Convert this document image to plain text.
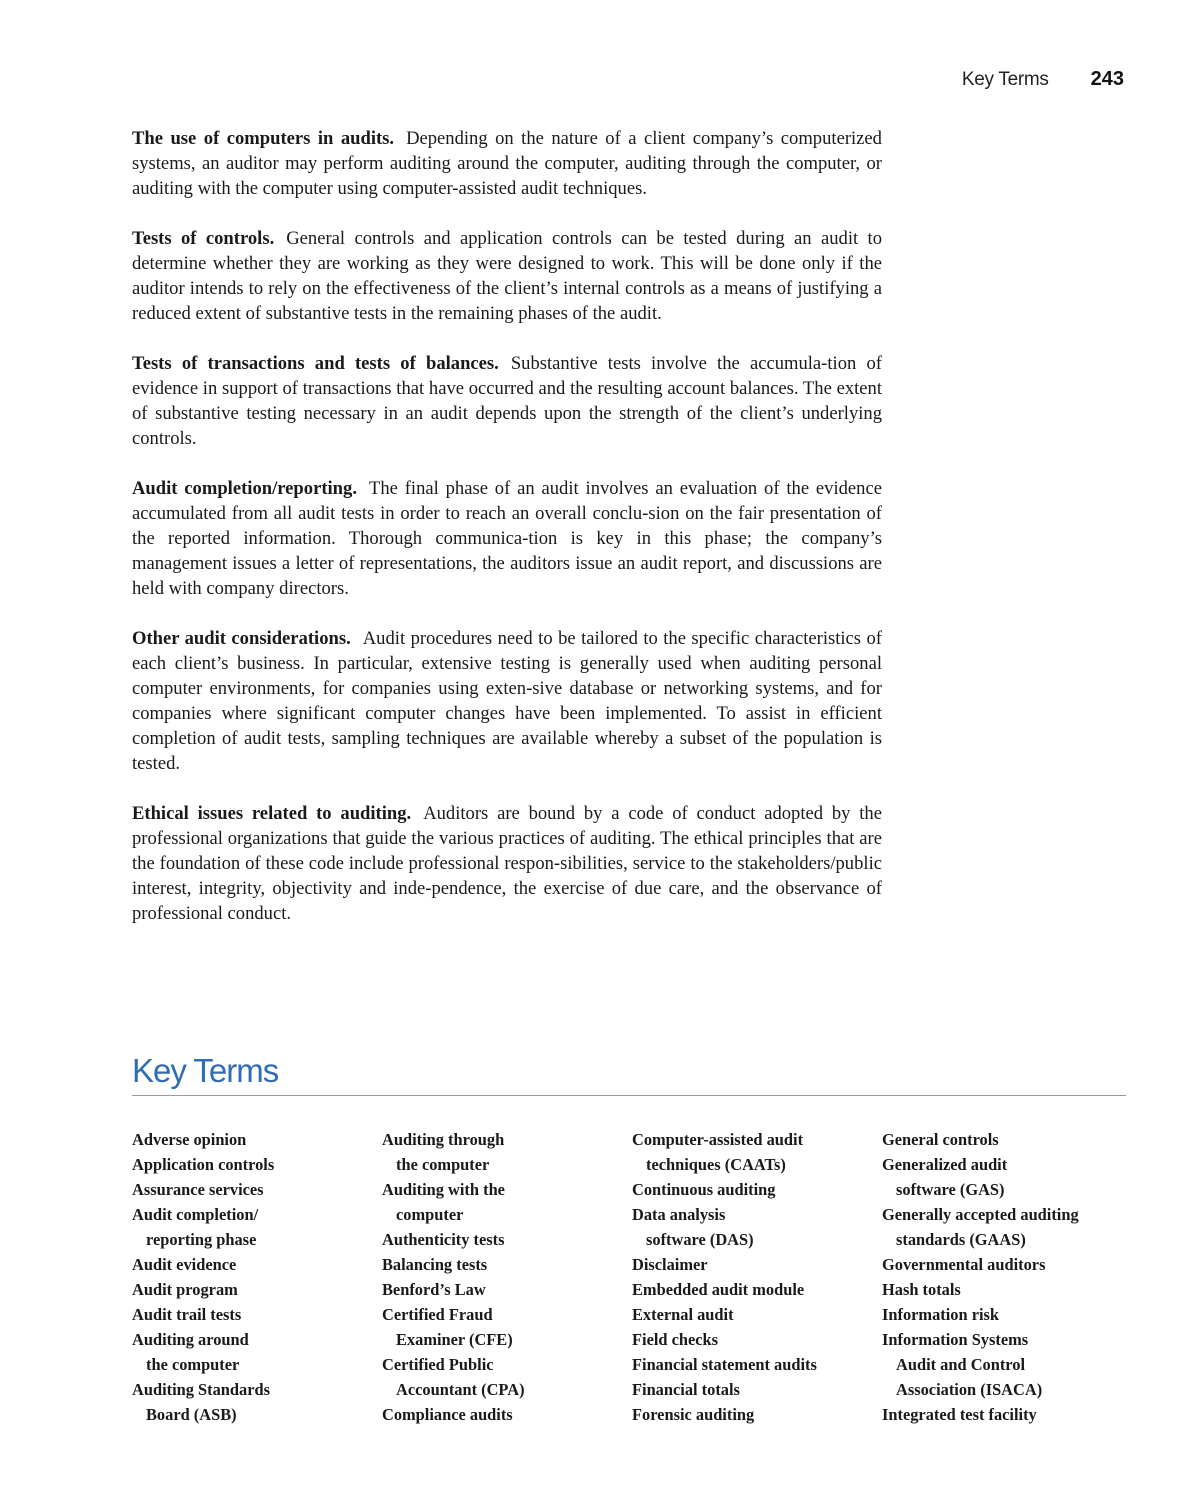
Key Terms 243

The use of computers in audits. Depending on the nature of a client company’s computerized systems, an auditor may perform auditing around the computer, auditing through the computer, or auditing with the computer using computer-assisted audit techniques.

Tests of controls. General controls and application controls can be tested during an audit to determine whether they are working as they were designed to work. This will be done only if the auditor intends to rely on the effectiveness of the client’s internal controls as a means of justifying a reduced extent of substantive tests in the remaining phases of the audit.

Tests of transactions and tests of balances. Substantive tests involve the accumula-tion of evidence in support of transactions that have occurred and the resulting account balances. The extent of substantive testing necessary in an audit depends upon the strength of the client’s underlying controls.

Audit completion/reporting. The final phase of an audit involves an evaluation of the evidence accumulated from all audit tests in order to reach an overall conclu-sion on the fair presentation of the reported information. Thorough communica-tion is key in this phase; the company’s management issues a letter of representations, the auditors issue an audit report, and discussions are held with company directors.

Other audit considerations. Audit procedures need to be tailored to the specific characteristics of each client’s business. In particular, extensive testing is generally used when auditing personal computer environments, for companies using exten-sive database or networking systems, and for companies where significant computer changes have been implemented. To assist in efficient completion of audit tests, sampling techniques are available whereby a subset of the population is tested.

Ethical issues related to auditing. Auditors are bound by a code of conduct adopted by the professional organizations that guide the various practices of auditing. The ethical principles that are the foundation of these code include professional respon-sibilities, service to the stakeholders/public interest, integrity, objectivity and inde-pendence, the exercise of due care, and the observance of professional conduct.

Key Terms
Adverse opinion
Application controls
Assurance services
Audit completion/
reporting phase
Audit evidence
Audit program
Audit trail tests
Auditing around
the computer
Auditing Standards
Board (ASB)
Auditing through
the computer
Auditing with the
computer
Authenticity tests
Balancing tests
Benford’s Law
Certified Fraud
Examiner (CFE)
Certified Public
Accountant (CPA)
Compliance audits
Computer-assisted audit
techniques (CAATs)
Continuous auditing
Data analysis
software (DAS)
Disclaimer
Embedded audit module
External audit
Field checks
Financial statement audits
Financial totals
Forensic auditing
General controls
Generalized audit
software (GAS)
Generally accepted auditing
standards (GAAS)
Governmental auditors
Hash totals
Information risk
Information Systems
Audit and Control
Association (ISACA)
Integrated test facility
